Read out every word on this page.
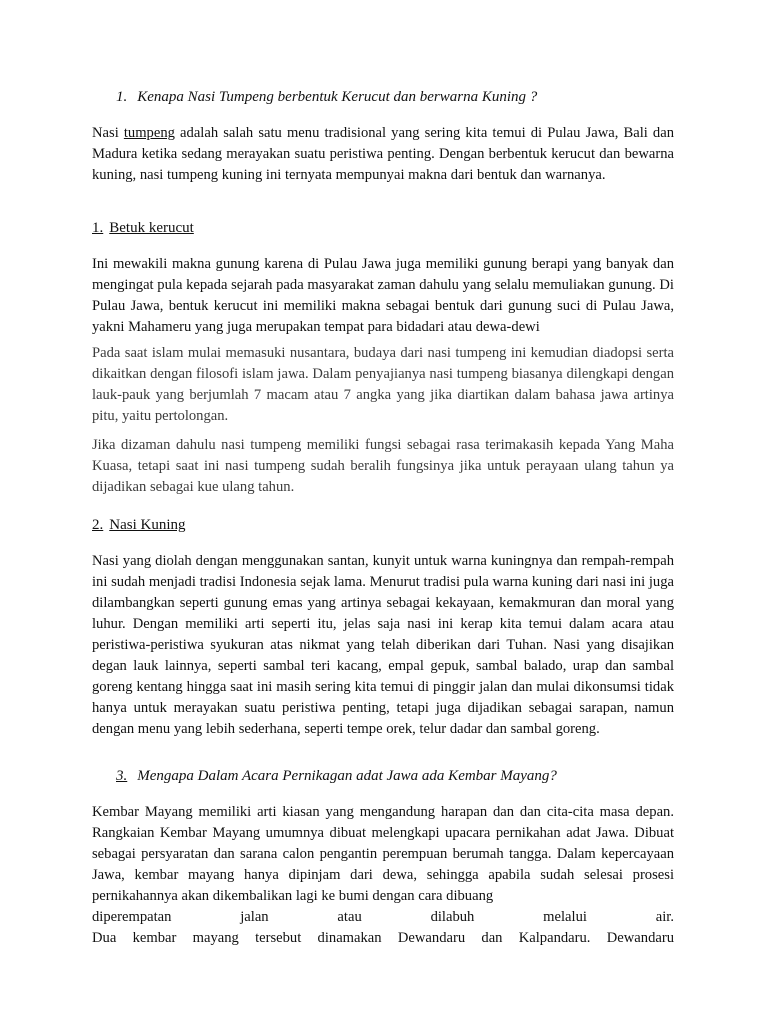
1. Kenapa Nasi Tumpeng berbentuk Kerucut dan berwarna Kuning ?
Nasi tumpeng adalah salah satu menu tradisional yang sering kita temui di Pulau Jawa, Bali dan Madura ketika sedang merayakan suatu peristiwa penting. Dengan berbentuk kerucut dan bewarna kuning, nasi tumpeng kuning ini ternyata mempunyai makna dari bentuk dan warnanya.
1. Betuk kerucut
Ini mewakili makna gunung karena di Pulau Jawa juga memiliki gunung berapi yang banyak dan mengingat pula kepada sejarah pada masyarakat zaman dahulu yang selalu memuliakan gunung. Di Pulau Jawa, bentuk kerucut ini memiliki makna sebagai bentuk dari gunung suci di Pulau Jawa, yakni Mahameru yang juga merupakan tempat para bidadari atau dewa-dewi
Pada saat islam mulai memasuki nusantara, budaya dari nasi tumpeng ini kemudian diadopsi serta dikaitkan dengan filosofi islam jawa. Dalam penyajianya nasi tumpeng biasanya dilengkapi dengan lauk-pauk yang berjumlah 7 macam atau 7 angka yang jika diartikan dalam bahasa jawa artinya pitu, yaitu pertolongan.
Jika dizaman dahulu nasi tumpeng memiliki fungsi sebagai rasa terimakasih kepada Yang Maha Kuasa, tetapi saat ini nasi tumpeng sudah beralih fungsinya jika untuk perayaan ulang tahun ya dijadikan sebagai kue ulang tahun.
2. Nasi Kuning
Nasi yang diolah dengan menggunakan santan, kunyit untuk warna kuningnya dan rempah-rempah ini sudah menjadi tradisi Indonesia sejak lama. Menurut tradisi pula warna kuning dari nasi ini juga dilambangkan seperti gunung emas yang artinya sebagai kekayaan, kemakmuran dan moral yang luhur. Dengan memiliki arti seperti itu, jelas saja nasi ini kerap kita temui dalam acara atau peristiwa-peristiwa syukuran atas nikmat yang telah diberikan dari Tuhan. Nasi yang disajikan degan lauk lainnya, seperti sambal teri kacang, empal gepuk, sambal balado, urap dan sambal goreng kentang hingga saat ini masih sering kita temui di pinggir jalan dan mulai dikonsumsi tidak hanya untuk merayakan suatu peristiwa penting, tetapi juga dijadikan sebagai sarapan, namun dengan menu yang lebih sederhana, seperti tempe orek, telur dadar dan sambal goreng.
3. Mengapa Dalam Acara Pernikagan adat Jawa ada Kembar Mayang?
Kembar Mayang memiliki arti kiasan yang mengandung harapan dan dan cita-cita masa depan. Rangkaian Kembar Mayang umumnya dibuat melengkapi upacara pernikahan adat Jawa. Dibuat sebagai persyaratan dan sarana calon pengantin perempuan berumah tangga. Dalam kepercayaan Jawa, kembar mayang hanya dipinjam dari dewa, sehingga apabila sudah selesai prosesi pernikahannya akan dikembalikan lagi ke bumi dengan cara dibuang
diperempatan jalan atau dilabuh melalui air.
Dua kembar mayang tersebut dinamakan Dewandaru dan Kalpandaru. Dewandaru
